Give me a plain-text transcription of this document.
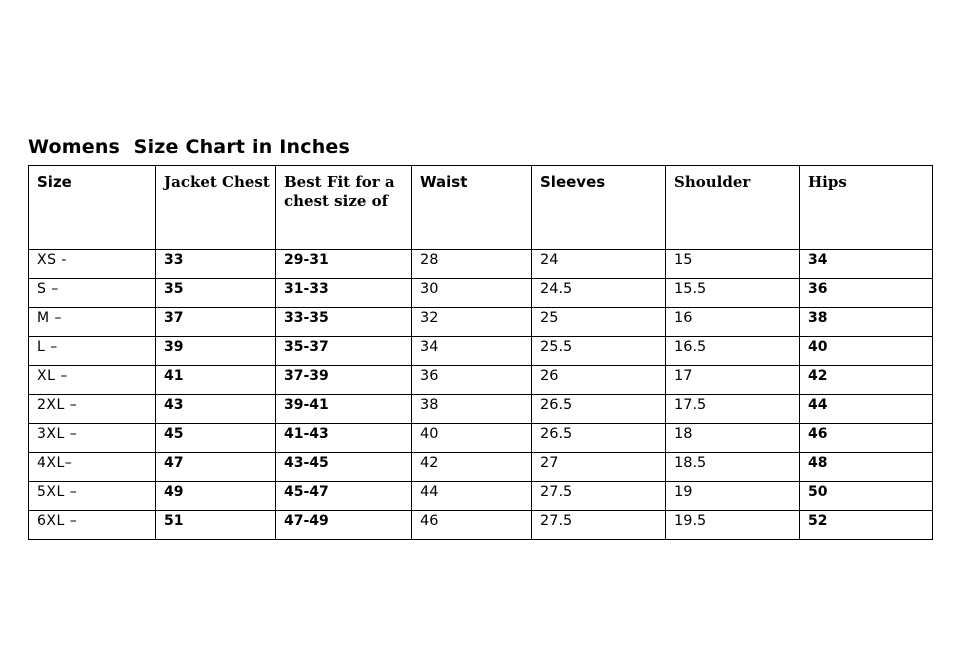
Womens  Size Chart in Inches
Size	Jacket Chest	Best Fit for a chest size of	Waist	Sleeves	Shoulder	Hips
XS -	33	29-31	28	24	15	34
S –	35	31-33	30	24.5	15.5	36
M –	37	33-35	32	25	16	38
L –	39	35-37	34	25.5	16.5	40
XL –	41	37-39	36	26	17	42
2XL –	43	39-41	38	26.5	17.5	44
3XL –	45	41-43	40	26.5	18	46
4XL–	47	43-45	42	27	18.5	48
5XL –	49	45-47	44	27.5	19	50
6XL –	51	47-49	46	27.5	19.5	52
